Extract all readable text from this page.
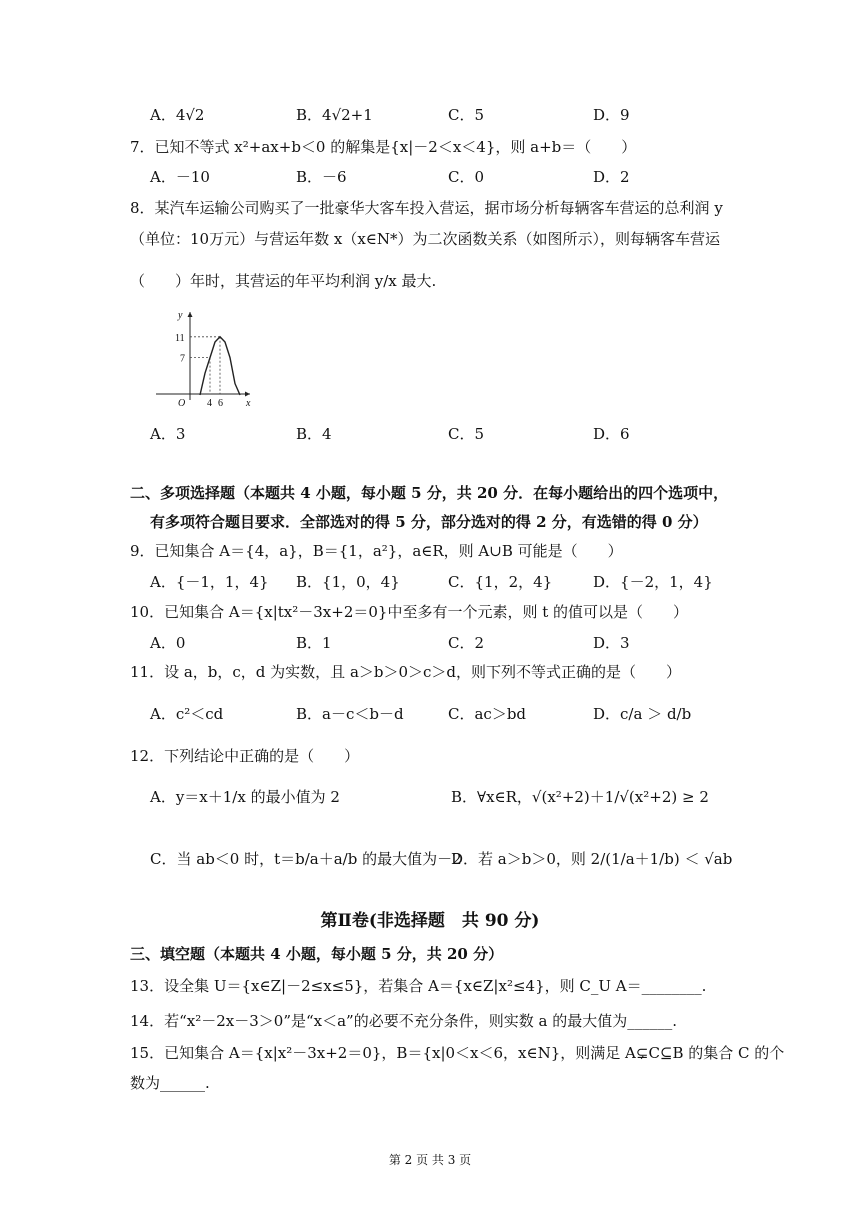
A．4√2	B．4√2+1	C．5	D．9
7．已知不等式 x²+ax+b＜0 的解集是{x|－2＜x＜4}，则 a+b＝（　　）
A．－10	B．－6	C．0	D．2
8．某汽车运输公司购买了一批豪华大客车投入营运，据市场分析每辆客车营运的总利润 y
（单位：10万元）与营运年数 x（x∈N*）为二次函数关系（如图所示），则每辆客车营运
（　　）年时，其营运的年平均利润 y/x 最大.
11
7
4 6
O	x
y
A．3	B．4	C．5	D．6
二、多项选择题（本题共 4 小题，每小题 5 分，共 20 分．在每小题给出的四个选项中，
有多项符合题目要求．全部选对的得 5 分，部分选对的得 2 分，有选错的得 0 分）
9．已知集合 A＝{4，a}，B＝{1，a²}，a∈R，则 A∪B 可能是（　　）
A．{－1，1，4} B．{1，0，4}	C．{1，2，4}	D．{－2，1，4}
10．已知集合 A＝{x|tx²－3x+2＝0}中至多有一个元素，则 t 的值可以是（　　）
A．0	B．1	C．2	D．3
11．设 a，b，c，d 为实数，且 a＞b＞0＞c＞d，则下列不等式正确的是（　　）
A．c²＜cd	B．a－c＜b－d	C．ac＞bd	D．c/a ＞ d/b
12．下列结论中正确的是（　　）
A．y＝x＋1/x 的最小值为 2	B．∀x∈R，√(x²+2)＋1/√(x²+2) ≥ 2
C．当 ab＜0 时，t＝b/a＋a/b 的最大值为－2
D．若 a＞b＞0，则 2/(1/a＋1/b) ＜ √ab
第Ⅱ卷(非选择题　共 90 分)
三、填空题（本题共 4 小题，每小题 5 分，共 20 分）
13．设全集 U＝{x∈Z|－2≤x≤5}，若集合 A＝{x∈Z|x²≤4}，则 C_U A＝________.
14．若“x²－2x－3＞0”是“x＜a”的必要不充分条件，则实数 a 的最大值为______.
15．已知集合 A＝{x|x²－3x+2＝0}，B＝{x|0＜x＜6，x∈N}，则满足 A⊊C⊆B 的集合 C 的个
数为______.
第 2 页 共 3 页
